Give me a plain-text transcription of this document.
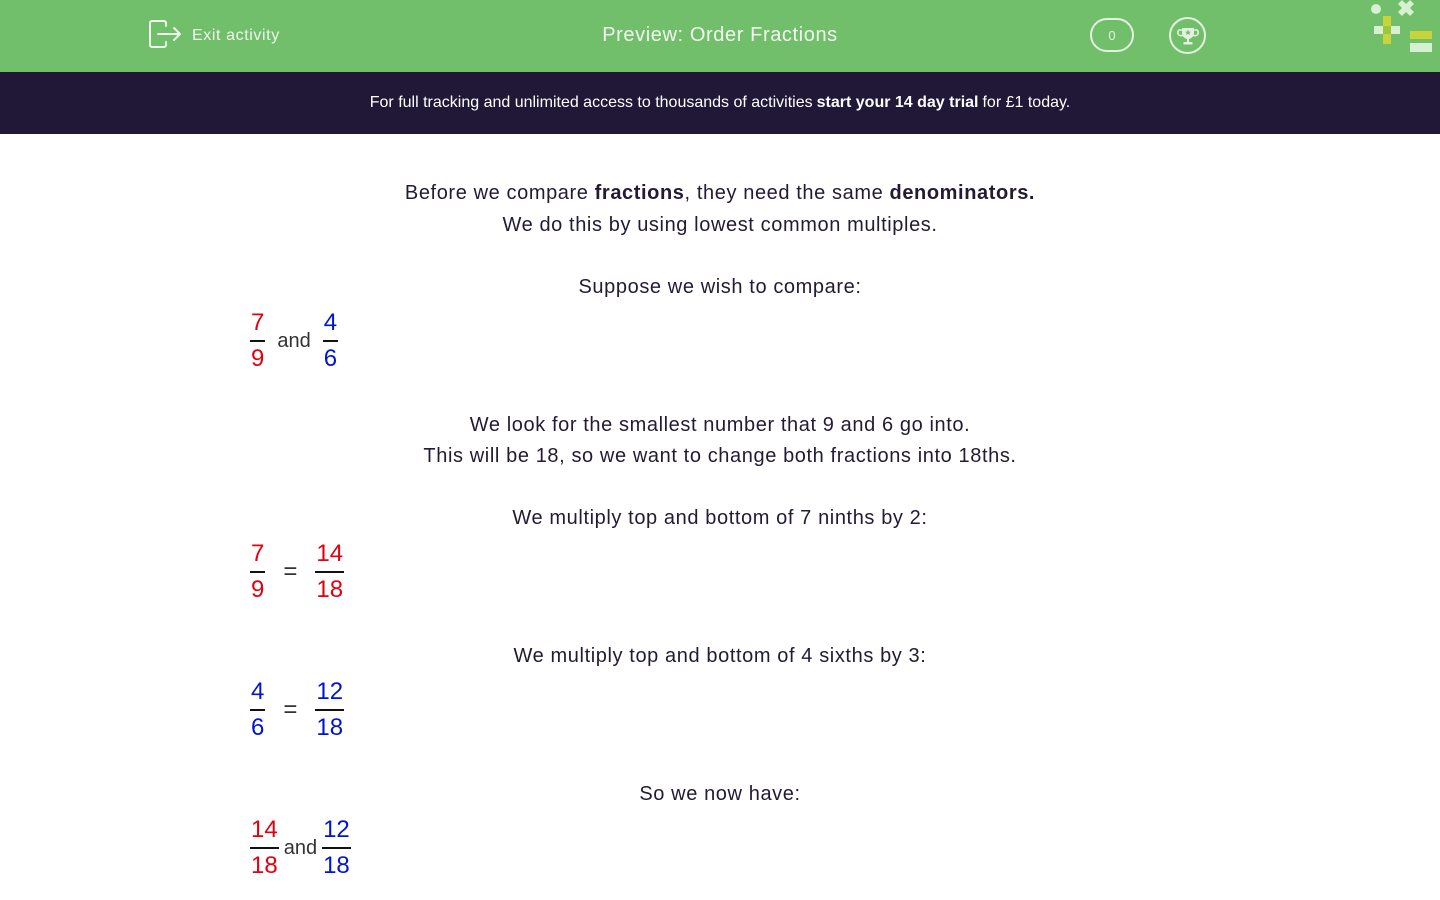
Exit activity	Preview: Order Fractions	0
For full tracking and unlimited access to thousands of activities start your 14 day trial for £1 today.
Before we compare fractions, they need the same denominators.
We do this by using lowest common multiples.
Suppose we wish to compare:
$\frac{7}{9}$ and $\frac{4}{6}$
We look for the smallest number that 9 and 6 go into.
This will be 18, so we want to change both fractions into 18ths.
We multiply top and bottom of 7 ninths by 2:
$\frac{7}{9} = \frac{14}{18}$
We multiply top and bottom of 4 sixths by 3:
$\frac{4}{6} = \frac{12}{18}$
So we now have:
$\frac{14}{18}$ and $\frac{12}{18}$
